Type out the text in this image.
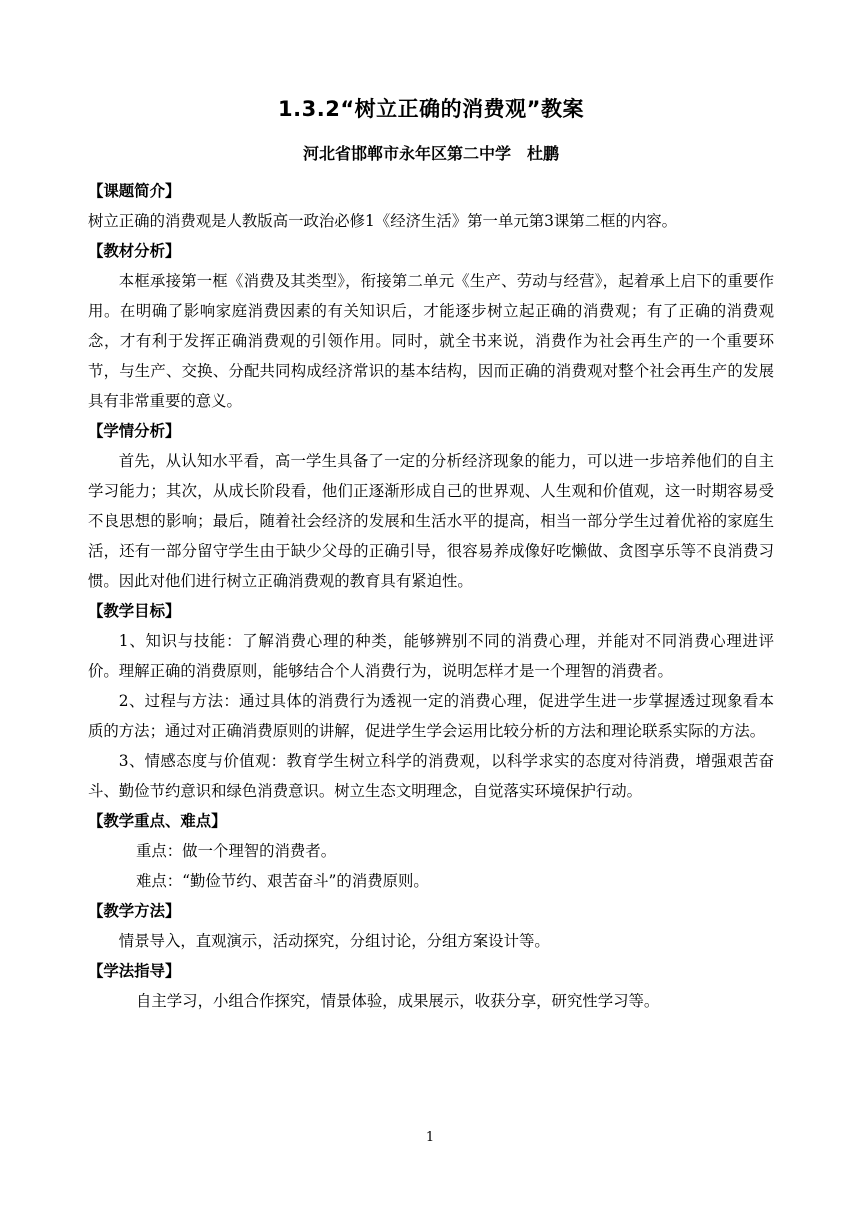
1.3.2“树立正确的消费观”教案
河北省邯郸市永年区第二中学　杜鹏
【课题简介】

树立正确的消费观是人教版高一政治必修1《经济生活》第一单元第3课第二框的内容。

【教材分析】

本框承接第一框《消费及其类型》，衔接第二单元《生产、劳动与经营》，起着承上启下的重要作用。在明确了影响家庭消费因素的有关知识后，才能逐步树立起正确的消费观；有了正确的消费观念，才有利于发挥正确消费观的引领作用。同时，就全书来说，消费作为社会再生产的一个重要环节，与生产、交换、分配共同构成经济常识的基本结构，因而正确的消费观对整个社会再生产的发展具有非常重要的意义。

【学情分析】

首先，从认知水平看，高一学生具备了一定的分析经济现象的能力，可以进一步培养他们的自主学习能力；其次，从成长阶段看，他们正逐渐形成自己的世界观、人生观和价值观，这一时期容易受不良思想的影响；最后，随着社会经济的发展和生活水平的提高，相当一部分学生过着优裕的家庭生活，还有一部分留守学生由于缺少父母的正确引导，很容易养成像好吃懒做、贪图享乐等不良消费习惯。因此对他们进行树立正确消费观的教育具有紧迫性。

【教学目标】

1、知识与技能：了解消费心理的种类，能够辨别不同的消费心理，并能对不同消费心理进评价。理解正确的消费原则，能够结合个人消费行为，说明怎样才是一个理智的消费者。

2、过程与方法：通过具体的消费行为透视一定的消费心理，促进学生进一步掌握透过现象看本质的方法；通过对正确消费原则的讲解，促进学生学会运用比较分析的方法和理论联系实际的方法。

3、情感态度与价值观：教育学生树立科学的消费观，以科学求实的态度对待消费，增强艰苦奋斗、勤俭节约意识和绿色消费意识。树立生态文明理念，自觉落实环境保护行动。

【教学重点、难点】

重点：做一个理智的消费者。

难点：“勤俭节约、艰苦奋斗”的消费原则。

【教学方法】

情景导入，直观演示，活动探究，分组讨论，分组方案设计等。

【学法指导】

自主学习，小组合作探究，情景体验，成果展示，收获分享，研究性学习等。

1
